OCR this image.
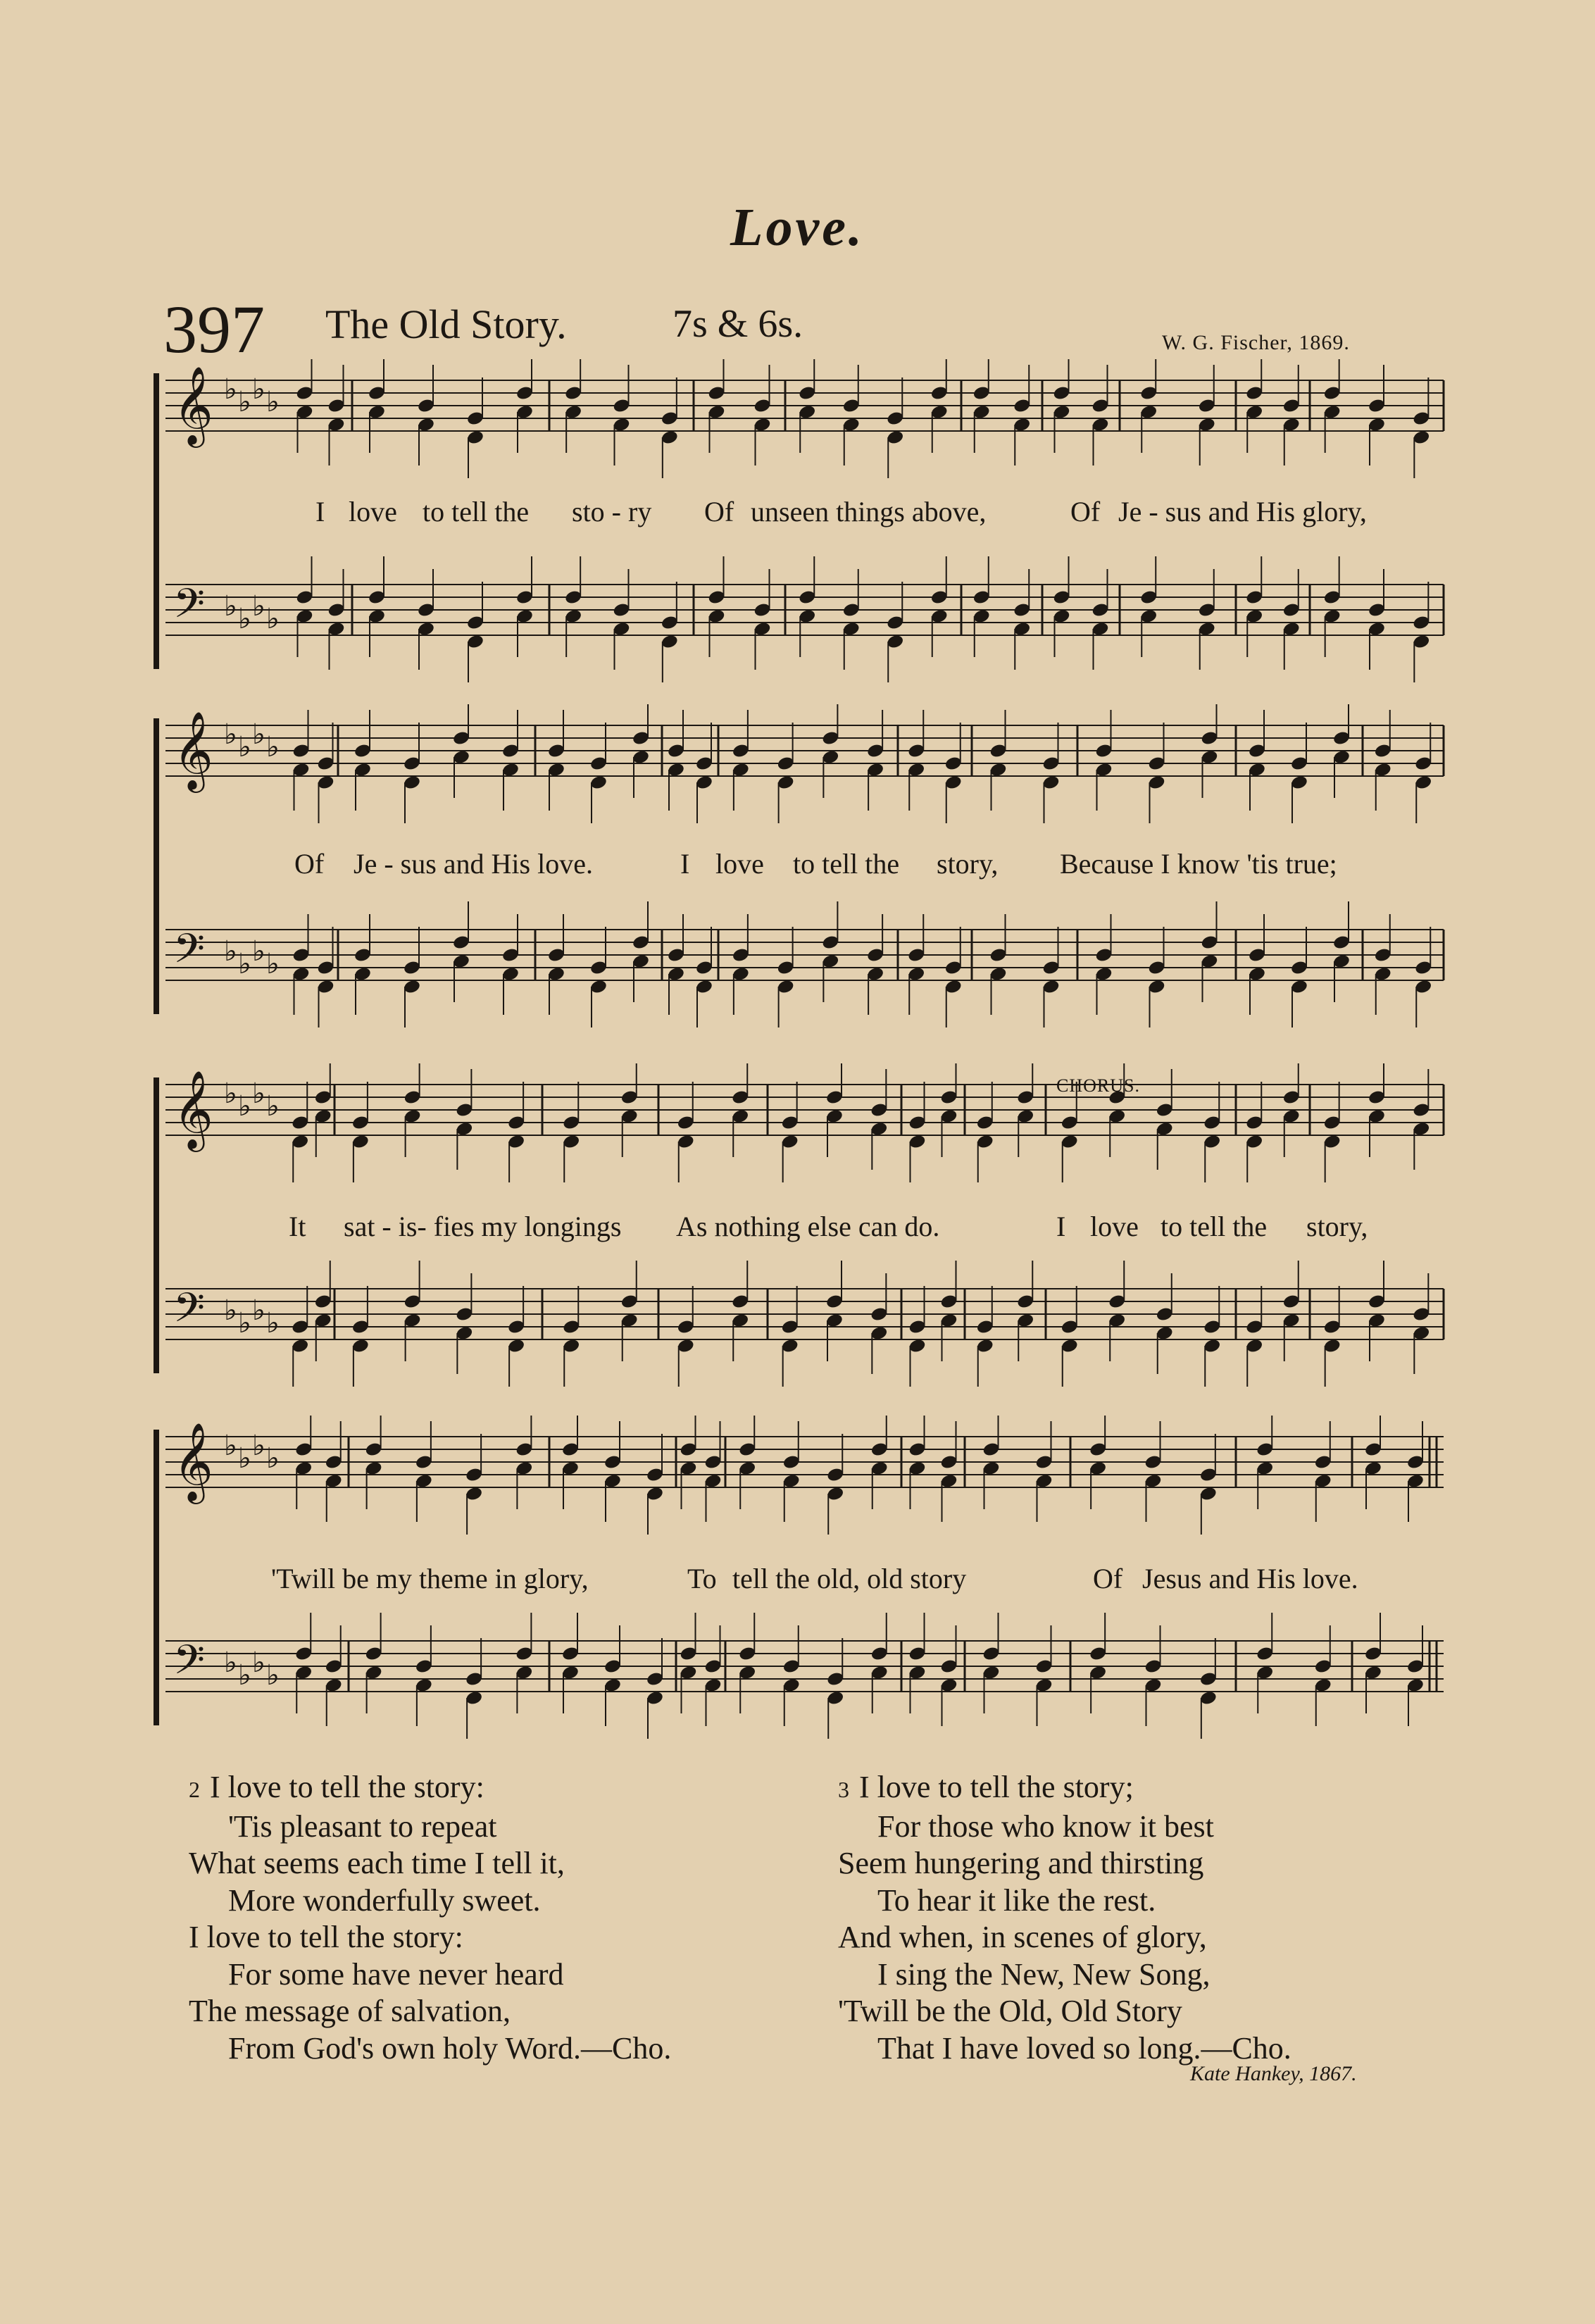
Love.
397 The Old Story.	7s & 6s.	W. G. Fischer, 1869.
𝄞 ♭ ♭ ♭ ♭
𝄢 ♭ ♭ ♭ ♭
𝄞 ♭ ♭ ♭ ♭
𝄢 ♭ ♭ ♭ ♭
𝄞 ♭ ♭ ♭ ♭
𝄢 ♭ ♭ ♭ ♭
𝄞 ♭ ♭ ♭ ♭
𝄢 ♭ ♭ ♭ ♭
I love to tell the sto - ry Of unseen things above,	Of Je - sus and His glory,
Of Je - sus and His love.	I love to tell the story, Because I know 'tis true;
CHORUS.
It sat - is- fies my longings As nothing else can do.	I love to tell the story,
'Twill be my theme in glory,	To tell the old, old story	Of Jesus and His love.
2 I love to tell the story:
'Tis pleasant to repeat
What seems each time I tell it,
More wonderfully sweet.
I love to tell the story:
For some have never heard
The message of salvation,
From God's own holy Word.—Cho.
3 I love to tell the story;
For those who know it best
Seem hungering and thirsting
To hear it like the rest.
And when, in scenes of glory,
I sing the New, New Song,
'Twill be the Old, Old Story
That I have loved so long.—Cho.
Kate Hankey, 1867.
